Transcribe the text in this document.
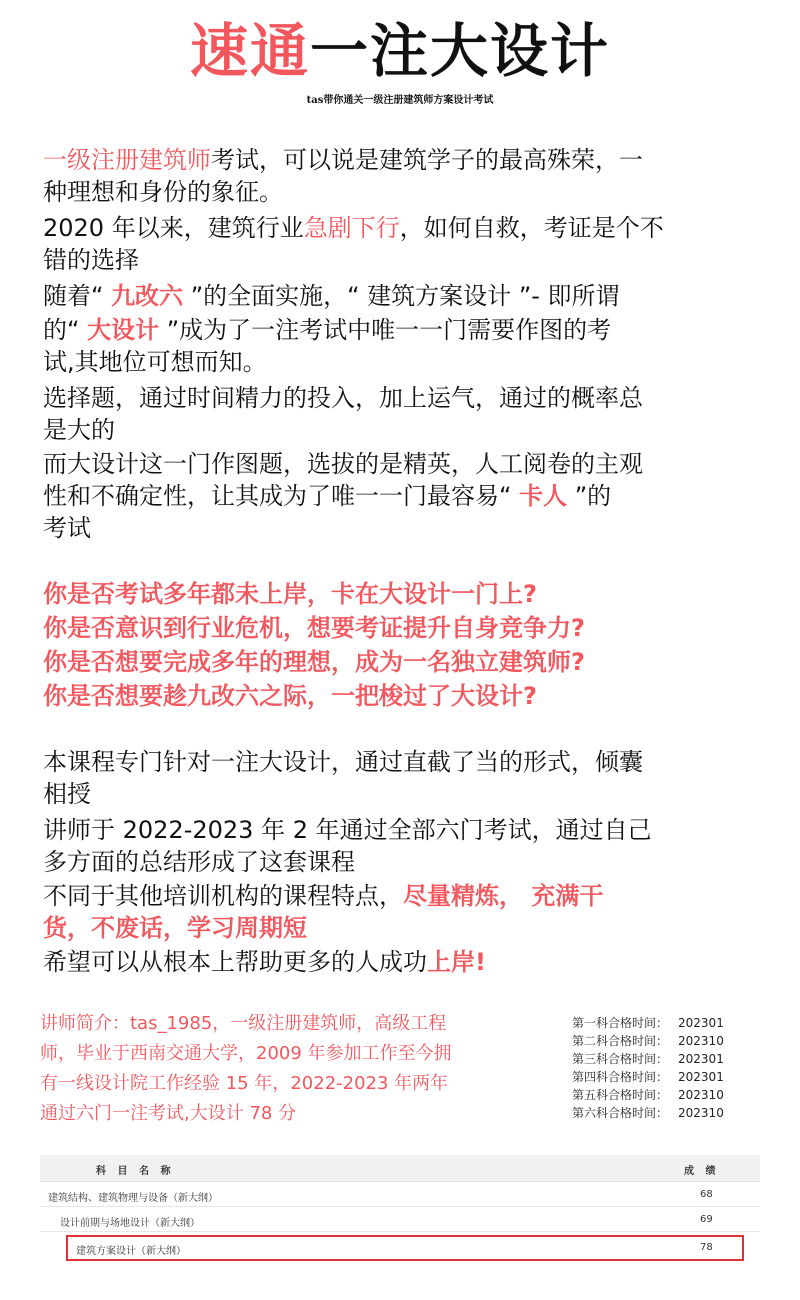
速通一注大设计
tas带你通关一级注册建筑师方案设计考试
一级注册建筑师考试，可以说是建筑学子的最高殊荣，一
种理想和身份的象征。
2020 年以来，建筑行业急剧下行，如何自救，考证是个不
错的选择
随着“ 九改六 ”的全面实施，“ 建筑方案设计 ”- 即所谓
的“ 大设计 ”成为了一注考试中唯一一门需要作图的考
试,其地位可想而知。
选择题，通过时间精力的投入，加上运气，通过的概率总
是大的
而大设计这一门作图题，选拔的是精英，人工阅卷的主观
性和不确定性，让其成为了唯一一门最容易“ 卡人 ”的
考试
你是否考试多年都未上岸，卡在大设计一门上?
你是否意识到行业危机，想要考证提升自身竞争力?
你是否想要完成多年的理想，成为一名独立建筑师?
你是否想要趁九改六之际，一把梭过了大设计?
本课程专门针对一注大设计，通过直截了当的形式，倾囊
相授
讲师于 2022-2023 年 2 年通过全部六门考试，通过自己
多方面的总结形成了这套课程
不同于其他培训机构的课程特点，尽量精炼， 充满干
货，不废话，学习周期短
希望可以从根本上帮助更多的人成功上岸!
讲师简介：tas_1985，一级注册建筑师，高级工程
师，毕业于西南交通大学，2009 年参加工作至今拥
有一线设计院工作经验 15 年，2022-2023 年两年
通过六门一注考试,大设计 78 分
第一科合格时间： 202301
第二科合格时间： 202310
第三科合格时间： 202301
第四科合格时间： 202301
第五科合格时间： 202310
第六科合格时间： 202310
科 目 名 称	成 绩
建筑结构、建筑物理与设备（新大纲）	68
设计前期与场地设计（新大纲）	69
建筑方案设计（新大纲）	78
